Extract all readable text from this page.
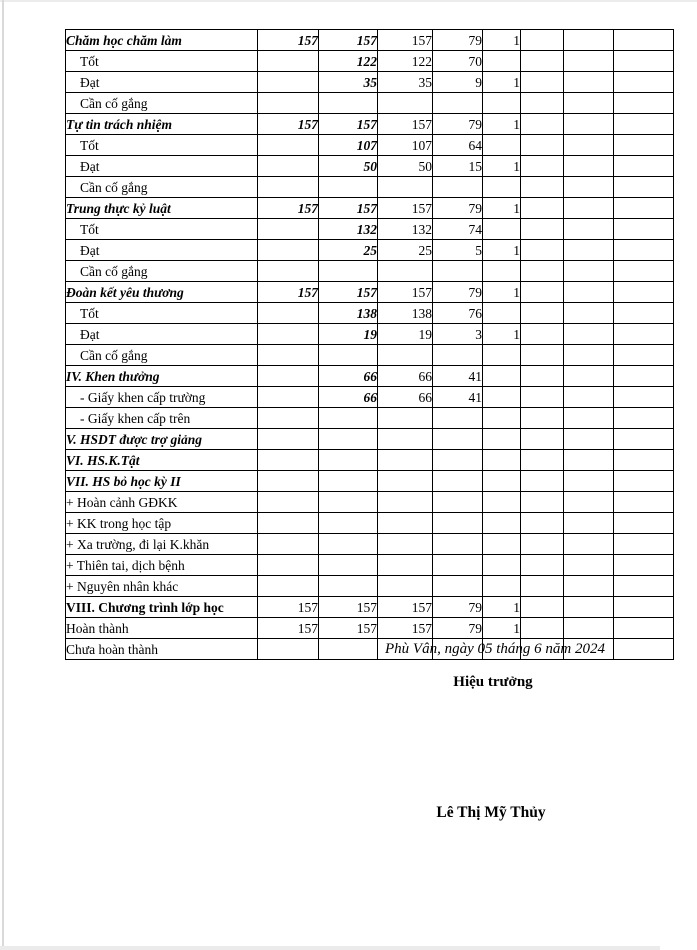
Chăm học chăm làm	157	157	157	79	1			
Tốt		122	122	70				
Đạt		35	35	9	1			
Cần cố gắng								
Tự tin trách nhiệm	157	157	157	79	1			
Tốt		107	107	64				
Đạt		50	50	15	1			
Cần cố gắng								
Trung thực kỷ luật	157	157	157	79	1			
Tốt		132	132	74				
Đạt		25	25	5	1			
Cần cố gắng								
Đoàn kết yêu thương	157	157	157	79	1			
Tốt		138	138	76				
Đạt		19	19	3	1			
Cần cố gắng								
IV. Khen thưởng		66	66	41				
- Giấy khen cấp trường		66	66	41				
- Giấy khen cấp trên								
V. HSDT được trợ giảng								
VI. HS.K.Tật								
VII. HS bỏ học kỳ II								
+ Hoàn cảnh GĐKK								
+ KK trong học tập								
+ Xa trường, đi lại K.khăn								
+ Thiên tai, dịch bệnh								
+ Nguyên nhân khác								
VIII. Chương trình lớp học	157	157	157	79	1			
Hoàn thành	157	157	157	79	1			
Chưa hoàn thành									Phù Vân, ngày 05 tháng 6 năm 2024
Hiệu trưởng
Lê Thị Mỹ Thủy
